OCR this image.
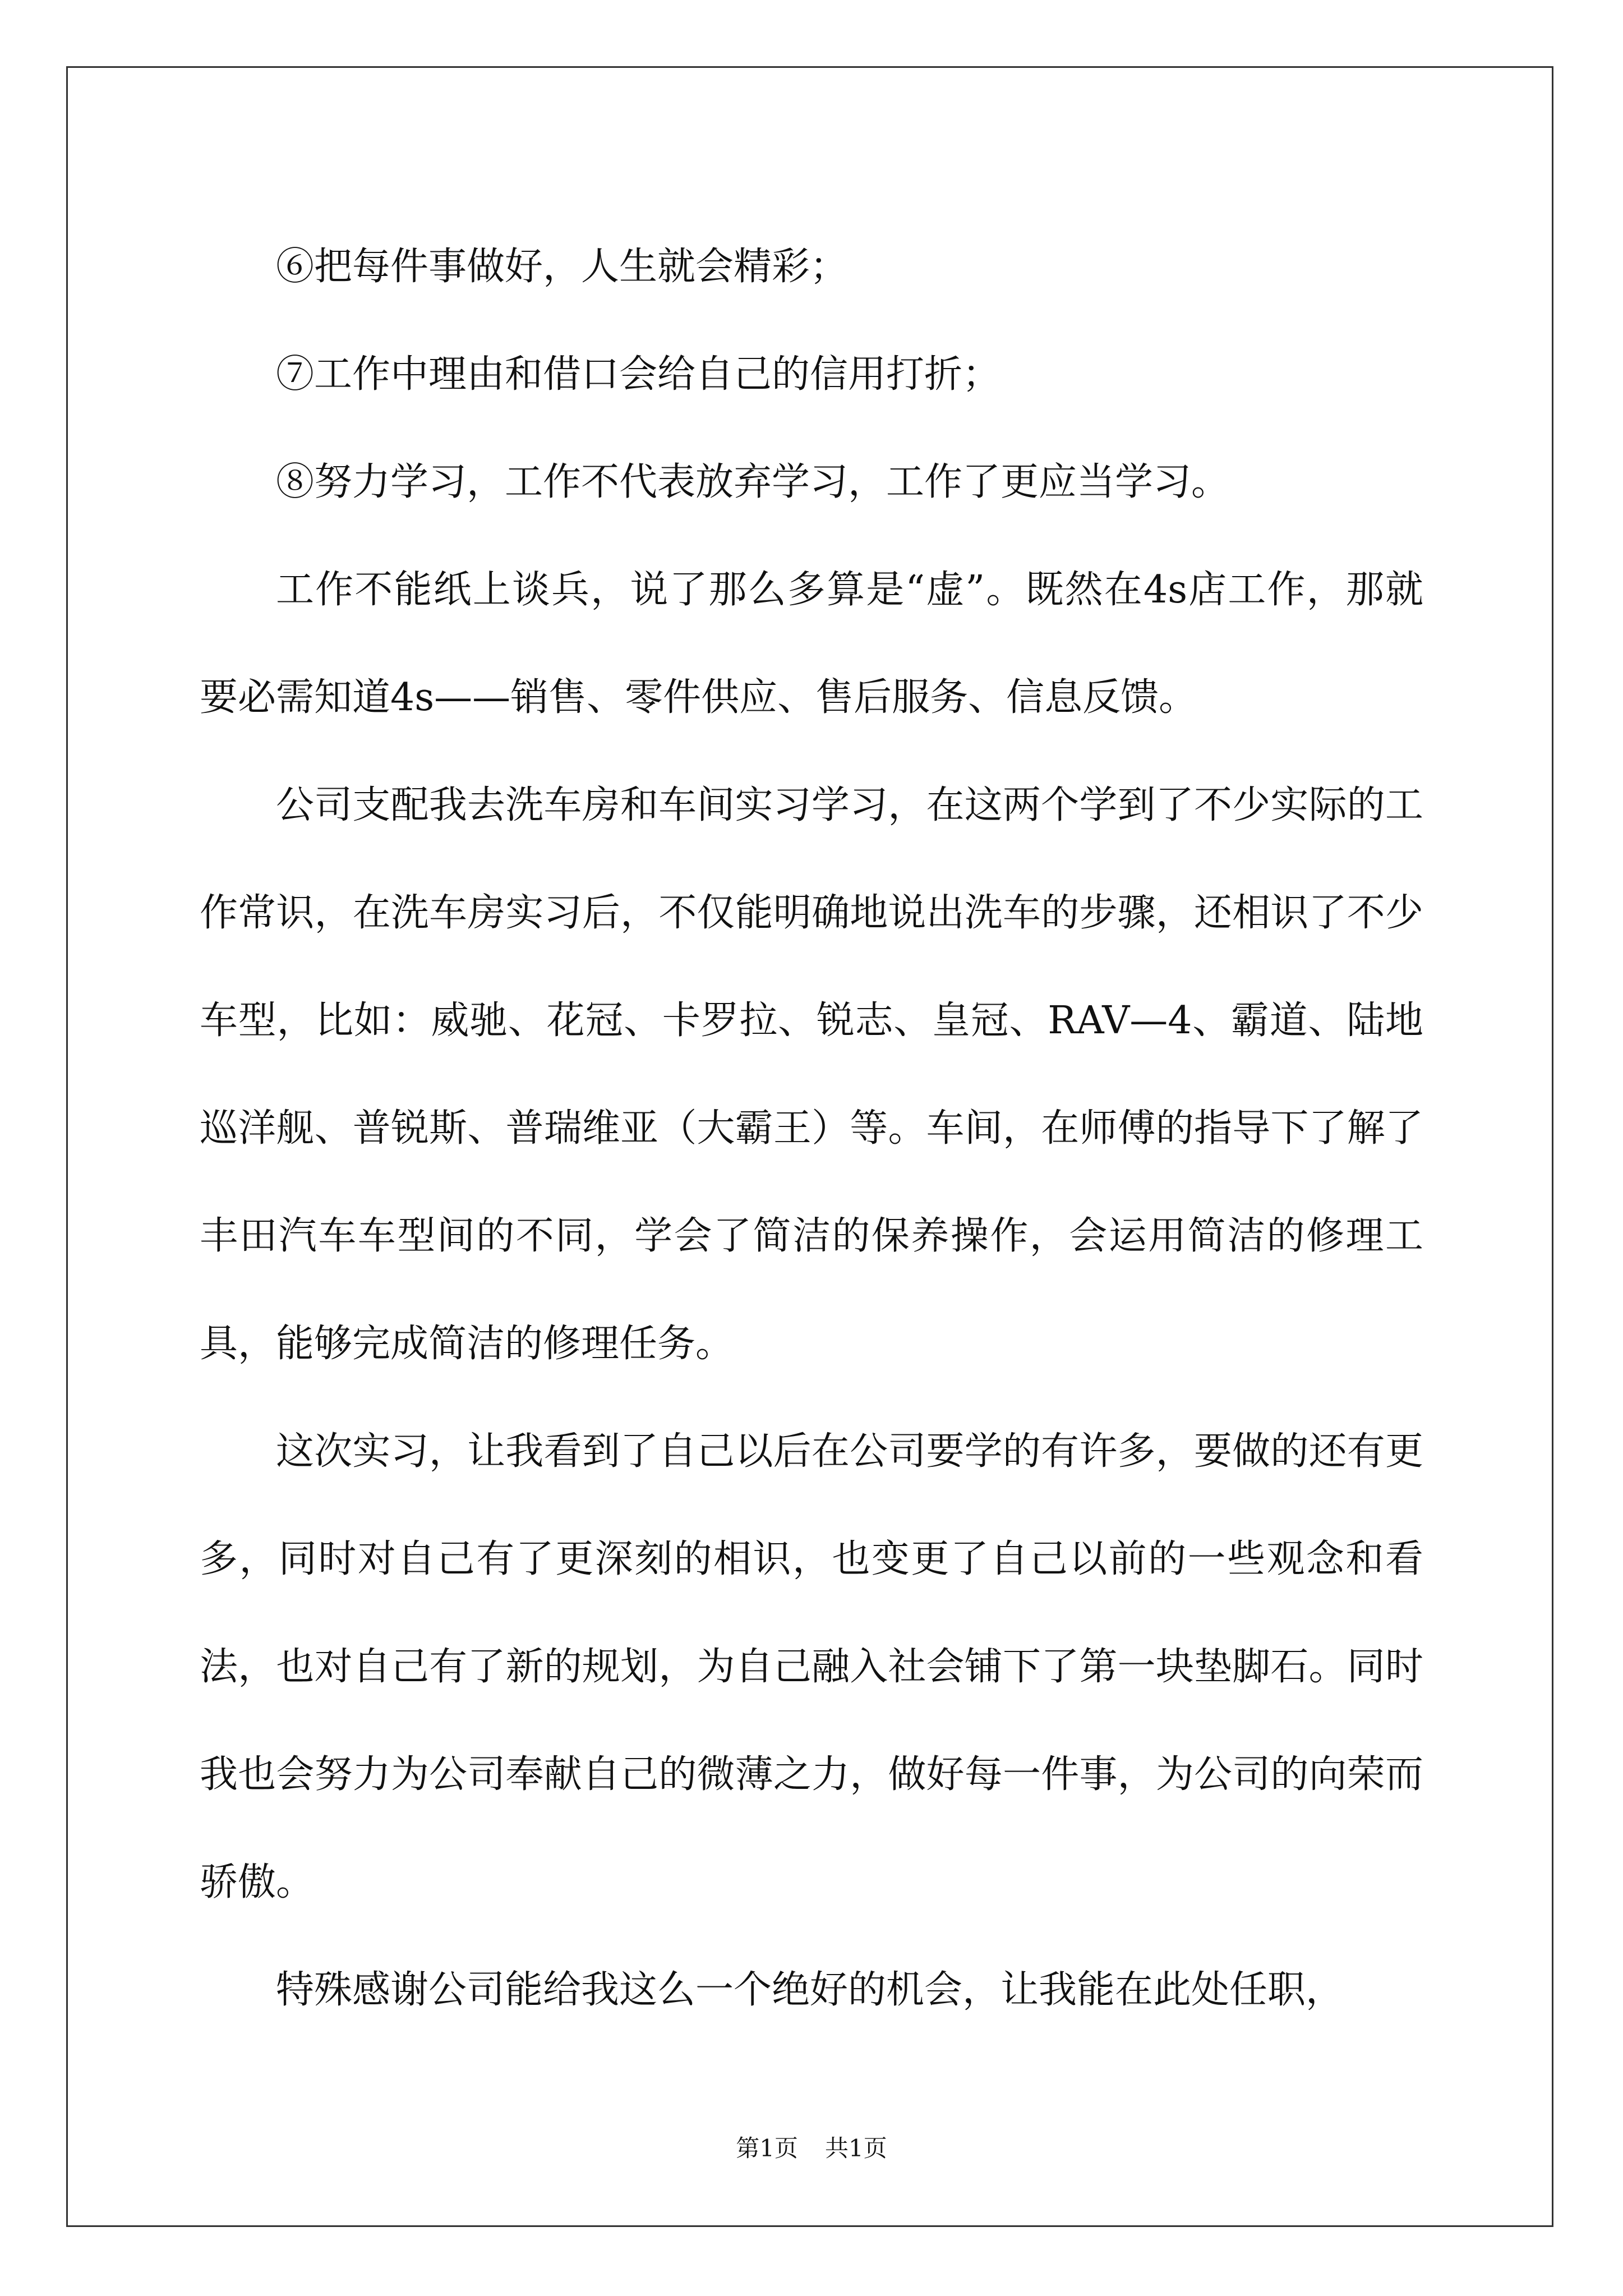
⑥把每件事做好，人生就会精彩；

⑦工作中理由和借口会给自己的信用打折；

⑧努力学习，工作不代表放弃学习，工作了更应当学习。

工作不能纸上谈兵，说了那么多算是“虚”。既然在4s店工作，那就要必需知道4s——销售、零件供应、售后服务、信息反馈。

公司支配我去洗车房和车间实习学习，在这两个学到了不少实际的工作常识，在洗车房实习后，不仅能明确地说出洗车的步骤，还相识了不少车型，比如：威驰、花冠、卡罗拉、锐志、皇冠、RAV—4、霸道、陆地巡洋舰、普锐斯、普瑞维亚（大霸王）等。车间，在师傅的指导下了解了丰田汽车车型间的不同，学会了简洁的保养操作，会运用简洁的修理工具，能够完成简洁的修理任务。

这次实习，让我看到了自己以后在公司要学的有许多，要做的还有更多，同时对自己有了更深刻的相识，也变更了自己以前的一些观念和看法，也对自己有了新的规划，为自己融入社会铺下了第一块垫脚石。同时我也会努力为公司奉献自己的微薄之力，做好每一件事，为公司的向荣而骄傲。

特殊感谢公司能给我这么一个绝好的机会，让我能在此处任职，

第1页 共1页
